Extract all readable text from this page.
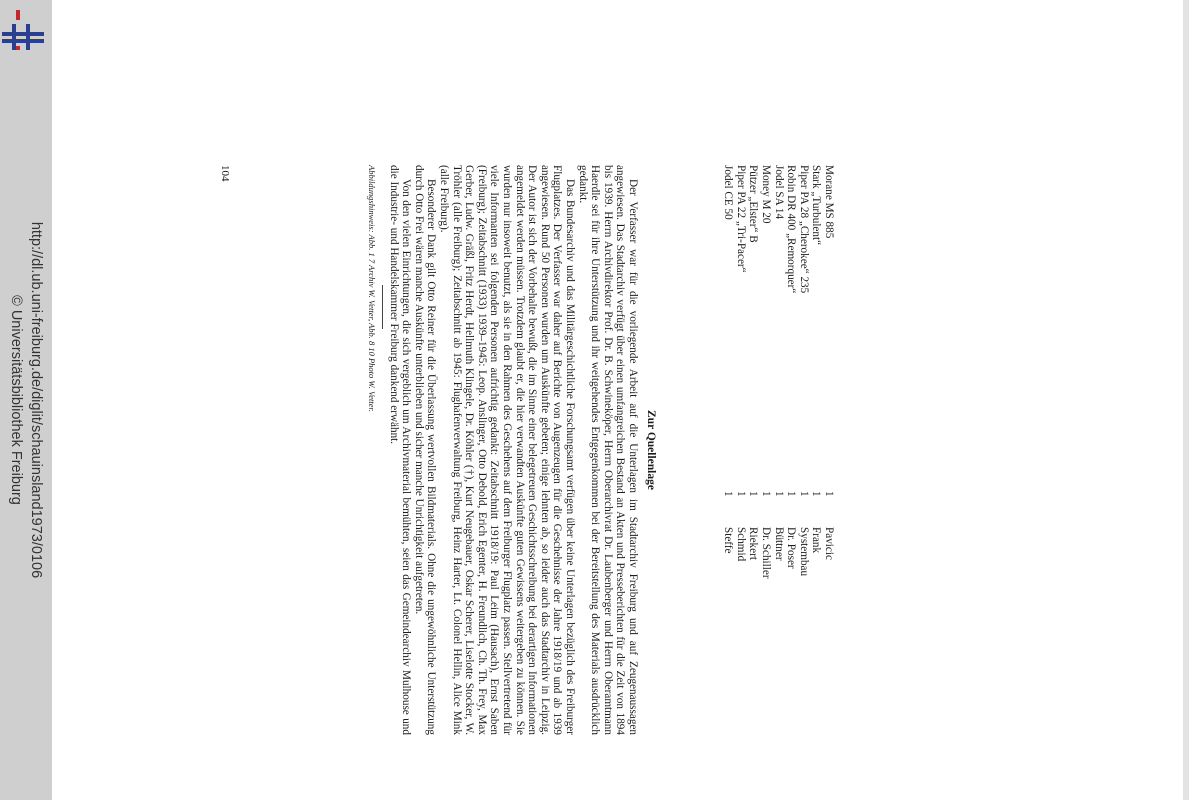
http://dl.ub.uni-freiburg.de/diglit/schauinsland1973/0106
© Universitätsbibliothek Freiburg
Morane MS 885
1
Pavicic
Stark „Turbulent“
1
Frank
Piper PA 28 „Cherokee“ 235
1
Systembau
Robin DR 400 „Remorquer“
1
Dr. Poser
Jodel SA 14
1
Büttner
Money M 20
1
Dr. Schiller
Pützer „Elster“ B
1
Riekert
Piper PA 22 „Tri-Pacer“
1
Schmid
Jodel CE 50
1
Steffe
Zur Quellenlage

Der Verfasser war für die vorliegende Arbeit auf die Unterlagen im Stadtarchiv Freiburg und auf Zeugenaussagen angewiesen. Das Stadtarchiv verfügt über einen umfangreichen Bestand an Akten und Presseberichten für die Zeit von 1894 bis 1939. Herrn Archivdirektor Prof. Dr. B. Schwineköper, Herrn Oberarchivrat Dr. Laubenberger und Herrn Oberamtmann Haerdle sei für ihre Unterstützung und ihr weitgehendes Entgegenkommen bei der Bereitstellung des Materials ausdrücklich gedankt.

Das Bundesarchiv und das Militärgeschichtliche Forschungsamt verfügen über keine Unterlagen bezüglich des Freiburger Flugplatzes. Der Verfasser war daher auf Berichte von Augenzeugen für die Geschehnisse der Jahre 1918/19 und ab 1939 angewiesen. Rund 50 Personen wurden um Auskünfte gebeten; einige lehnten ab, so leider auch das Stadtarchiv in Leipzig. Der Autor ist sich der Vorbehalte bewußt, die im Sinne einer belegetreuen Geschichtsschreibung bei derartigen Informationen angemeldet werden müssen. Trotzdem glaubt er, die hier verwandten Auskünfte guten Gewissens weitergeben zu können. Sie wurden nur insoweit benutzt, als sie in den Rahmen des Geschehens auf dem Freiburger Flugplatz passen. Stellvertretend für viele Informanten sei folgenden Personen aufrichtig gedankt: Zeitabschnitt 1918/19: Paul Leim (Hausach), Ernst Saben (Freiburg); Zeitabschnitt (1933) 1939–1945: Leop. Anslinger, Otto Debold, Erich Egenter, H. Freundlich, Ch. Th. Frey, Max Gerber, Ludw. Gräßl, Fritz Herdt, Hellmuth Klingele, Dr. Köhler (†), Kurt Neugebauer, Oskar Scherer, Liselotte Stocker, W. Tröhler (alle Freiburg); Zeitabschnitt ab 1945: Flughafenverwaltung Freiburg, Heinz Harter, Lt. Colonel Hellin, Alice Mink (alle Freiburg).

Besonderer Dank gilt Otto Reiner für die Überlassung wertvollen Bildmaterials. Ohne die ungewöhnliche Unterstützung durch Otto Frei wären manche Auskünfte unterblieben und sicher manche Unrichtigkeit aufgetreten.

Von den vielen Einrichtungen, die sich vergeblich um Archivmaterial bemühten, seien das Gemeindearchiv Mulhouse und die Industrie- und Handelskammer Freiburg dankend erwähnt.

Abbildungshinweis: Abb. 1 7 Archiv W. Vetter, Abb. 8 10 Photo W. Vetter.
104
